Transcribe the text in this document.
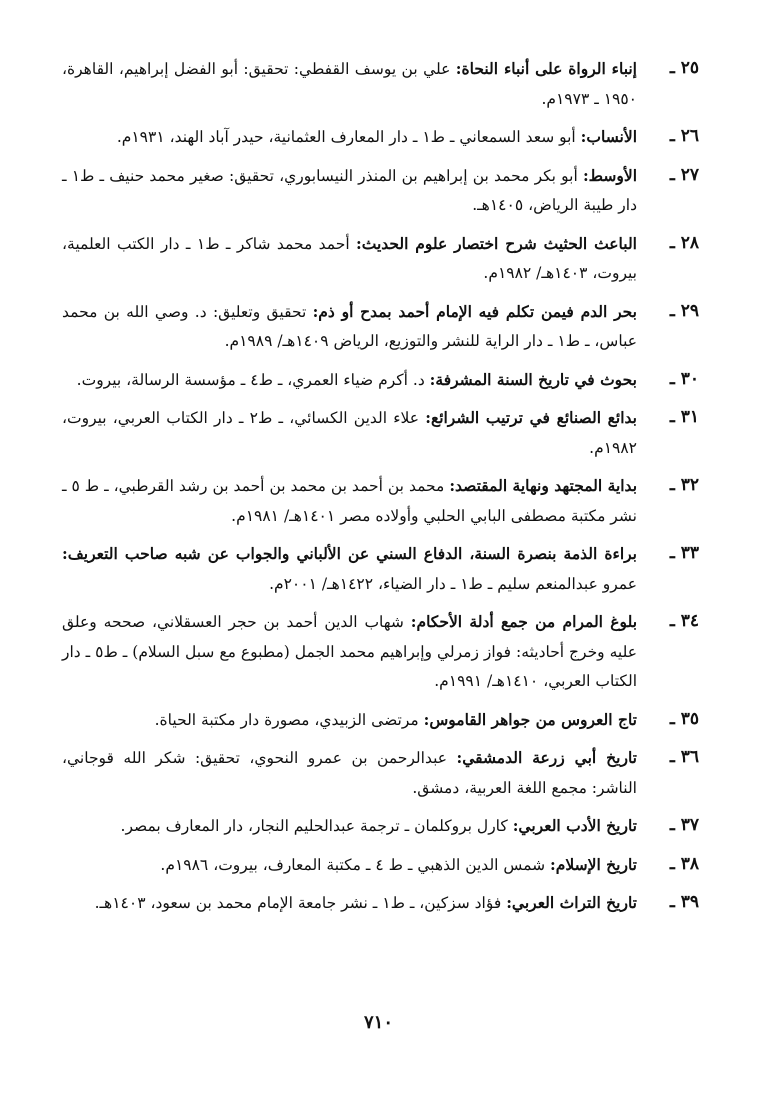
٢٥ ـ
إنباء الرواة على أنباء النحاة: علي بن يوسف القفطي: تحقيق: أبو الفضل إبراهيم، القاهرة، ١٩٥٠ ـ ١٩٧٣م.
٢٦ ـ
الأنساب: أبو سعد السمعاني ـ ط١ ـ دار المعارف العثمانية، حيدر آباد الهند، ١٩٣١م.
٢٧ ـ
الأوسط: أبو بكر محمد بن إبراهيم بن المنذر النيسابوري، تحقيق: صغير محمد حنيف ـ ط١ ـ دار طيبة الرياض، ١٤٠٥هـ.
٢٨ ـ
الباعث الحثيث شرح اختصار علوم الحديث: أحمد محمد شاكر ـ ط١ ـ دار الكتب العلمية، بيروت، ١٤٠٣هـ/ ١٩٨٢م.
٢٩ ـ
بحر الدم فيمن تكلم فيه الإمام أحمد بمدح أو ذم: تحقيق وتعليق: د. وصي الله بن محمد عباس، ـ ط١ ـ دار الراية للنشر والتوزيع، الرياض ١٤٠٩هـ/ ١٩٨٩م.
٣٠ ـ
بحوث في تاريخ السنة المشرفة: د. أكرم ضياء العمري، ـ ط٤ ـ مؤسسة الرسالة، بيروت.
٣١ ـ
بدائع الصنائع في ترتيب الشرائع: علاء الدين الكسائي، ـ ط٢ ـ دار الكتاب العربي، بيروت، ١٩٨٢م.
٣٢ ـ
بداية المجتهد ونهاية المقتصد: محمد بن أحمد بن محمد بن أحمد بن رشد القرطبي، ـ ط ٥ ـ نشر مكتبة مصطفى البابي الحلبي وأولاده مصر ١٤٠١هـ/ ١٩٨١م.
٣٣ ـ
براءة الذمة بنصرة السنة، الدفاع السني عن الألباني والجواب عن شبه صاحب التعريف: عمرو عبدالمنعم سليم ـ ط١ ـ دار الضياء، ١٤٢٢هـ/ ٢٠٠١م.
٣٤ ـ
بلوغ المرام من جمع أدلة الأحكام: شهاب الدين أحمد بن حجر العسقلاني، صححه وعلق عليه وخرج أحاديثه: فواز زمرلي وإبراهيم محمد الجمل (مطبوع مع سبل السلام) ـ ط٥ ـ دار الكتاب العربي، ١٤١٠هـ/ ١٩٩١م.
٣٥ ـ
تاج العروس من جواهر القاموس: مرتضى الزبيدي، مصورة دار مكتبة الحياة.
٣٦ ـ
تاريخ أبي زرعة الدمشقي: عبدالرحمن بن عمرو النحوي، تحقيق: شكر الله قوجاني، الناشر: مجمع اللغة العربية، دمشق.
٣٧ ـ
تاريخ الأدب العربي: كارل بروكلمان ـ ترجمة عبدالحليم النجار، دار المعارف بمصر.
٣٨ ـ
تاريخ الإسلام: شمس الدين الذهبي ـ ط ٤ ـ مكتبة المعارف، بيروت، ١٩٨٦م.
٣٩ ـ
تاريخ التراث العربي: فؤاد سزكين، ـ ط١ ـ نشر جامعة الإمام محمد بن سعود، ١٤٠٣هـ.
٧١٠
